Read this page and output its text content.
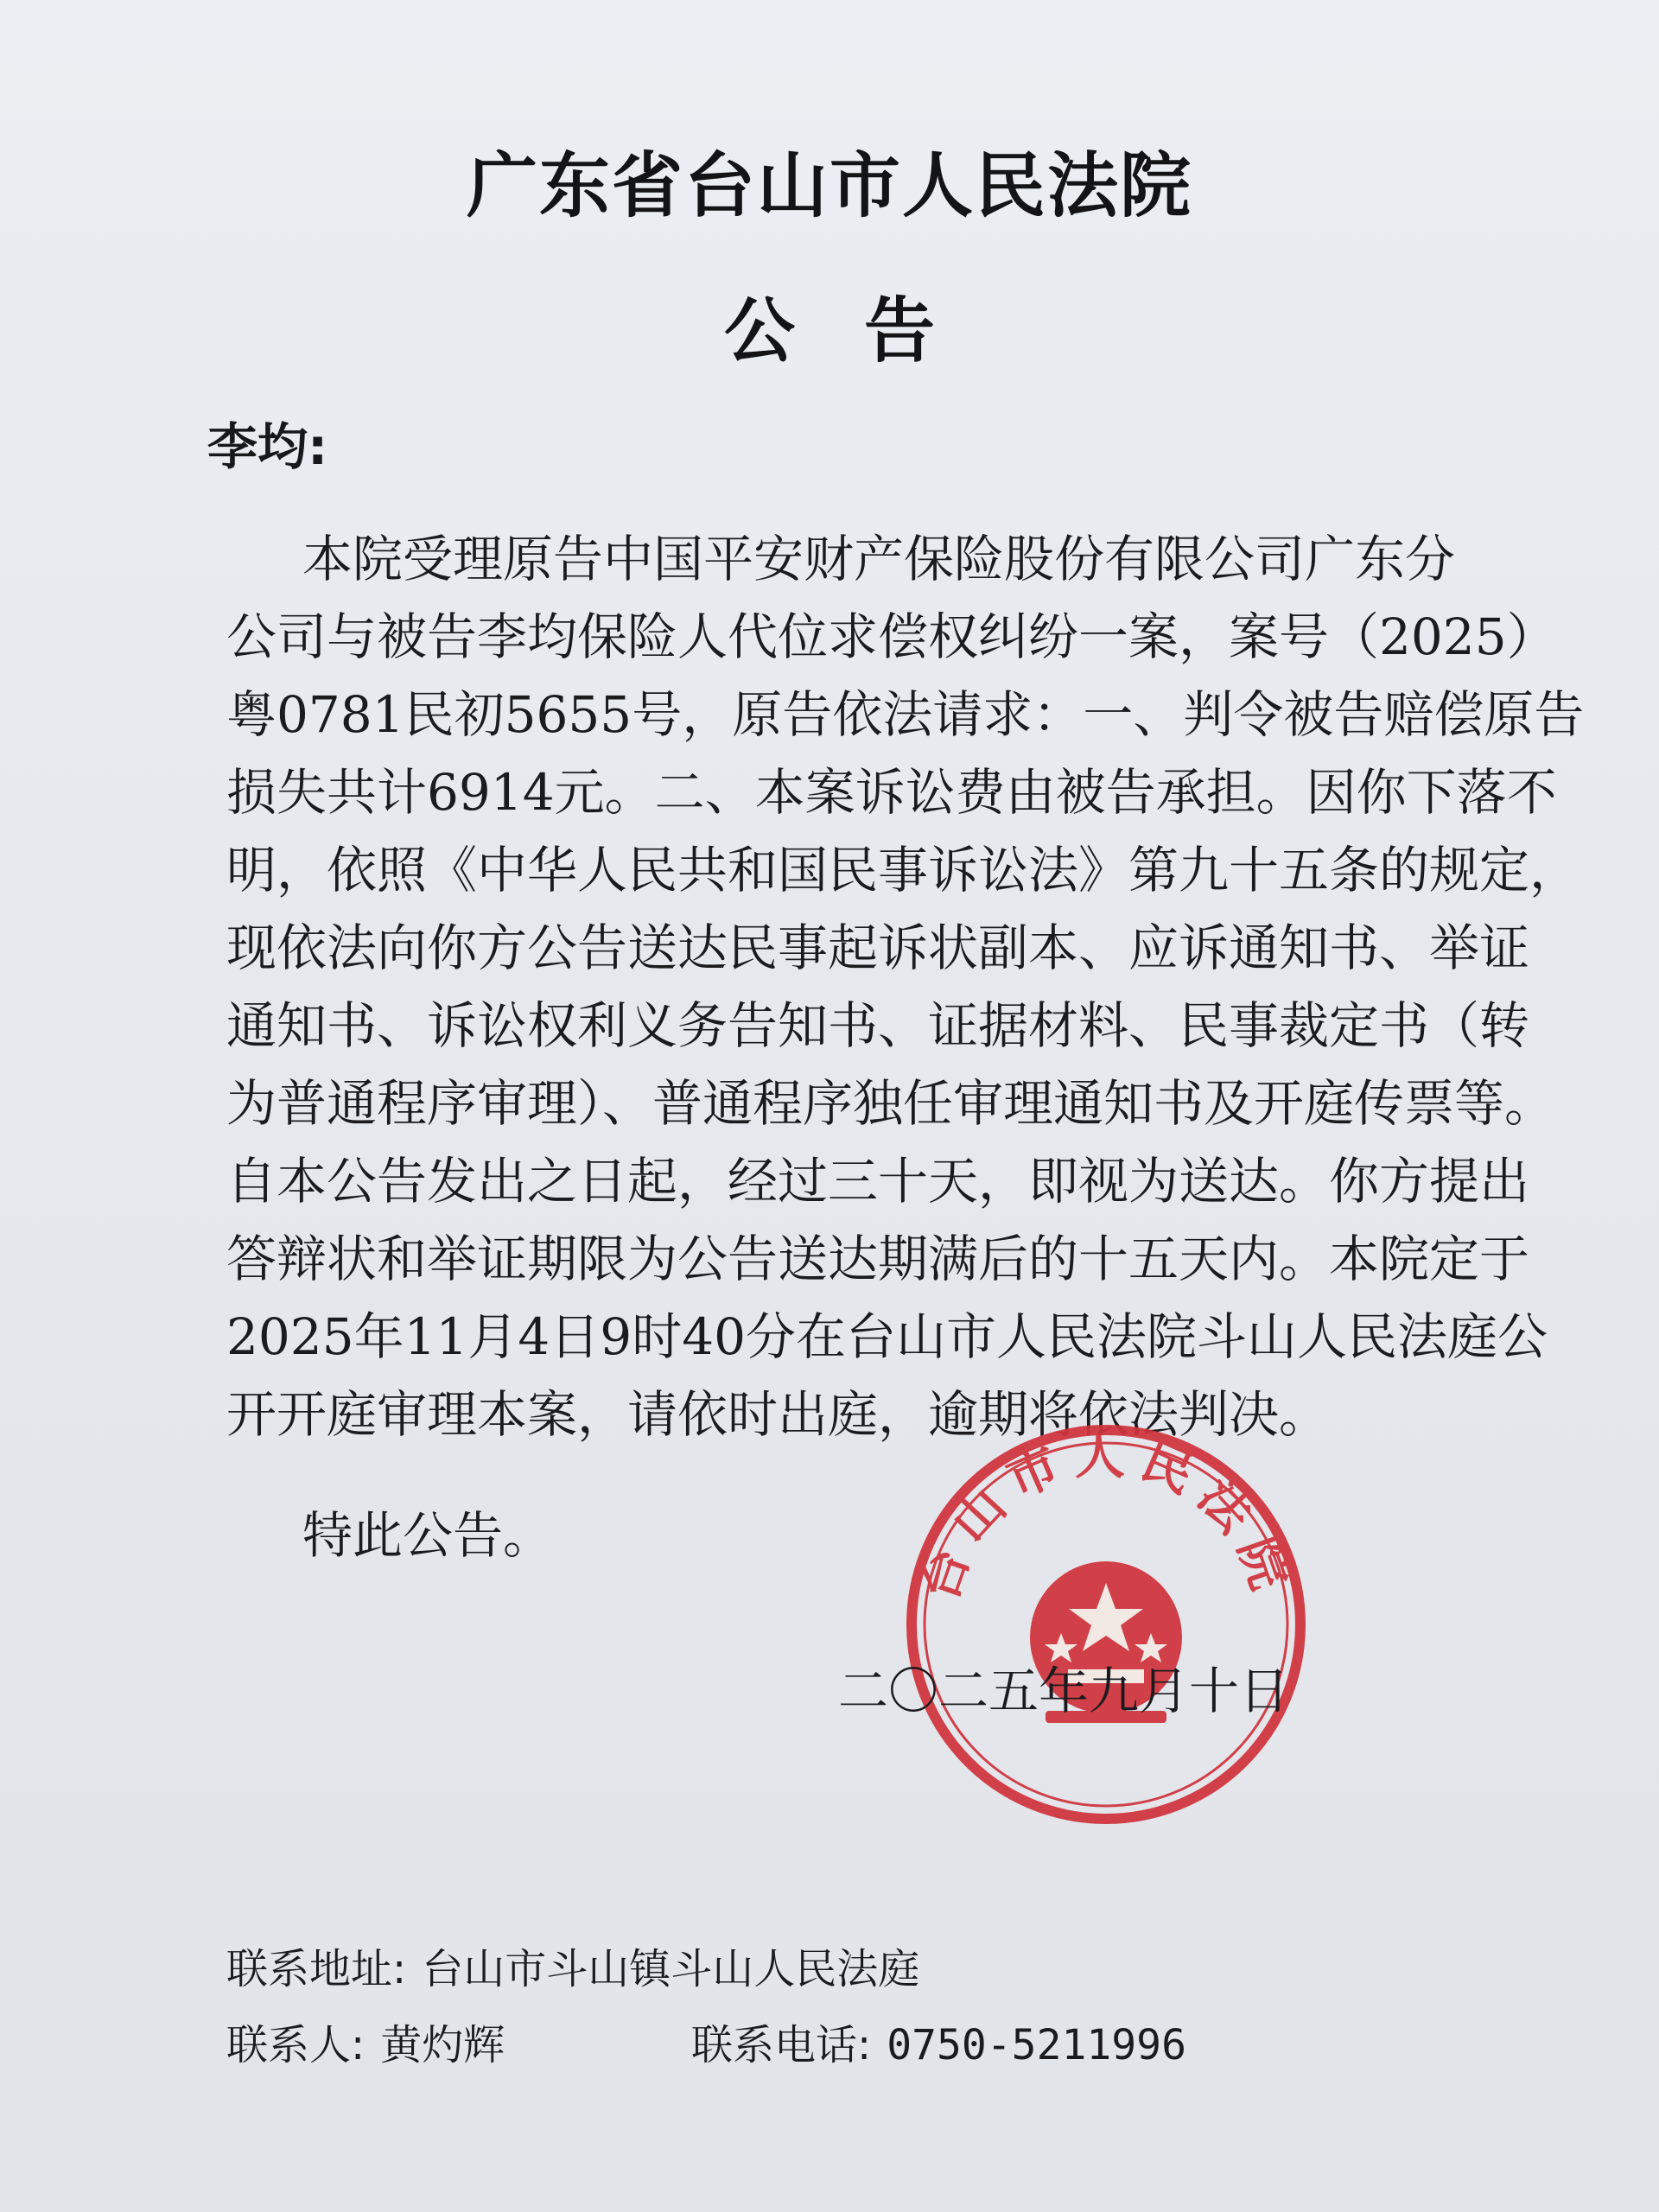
广东省台山市人民法院
公 告
李均:
本院受理原告中国平安财产保险股份有限公司广东分
公司与被告李均保险人代位求偿权纠纷一案，案号（2025）
粤0781民初5655号，原告依法请求：一、判令被告赔偿原告
损失共计6914元。二、本案诉讼费由被告承担。因你下落不
明，依照《中华人民共和国民事诉讼法》第九十五条的规定，
现依法向你方公告送达民事起诉状副本、应诉通知书、举证
通知书、诉讼权利义务告知书、证据材料、民事裁定书（转
为普通程序审理）、普通程序独任审理通知书及开庭传票等。
自本公告发出之日起，经过三十天，即视为送达。你方提出
答辩状和举证期限为公告送达期满后的十五天内。本院定于
2025年11月4日9时40分在台山市人民法院斗山人民法庭公
开开庭审理本案，请依时出庭，逾期将依法判决。
特此公告。	台山市人民法院
二〇二五年九月十日
联系地址: 台山市斗山镇斗山人民法庭
联系人: 黄灼辉	联系电话: 0750-5211996
